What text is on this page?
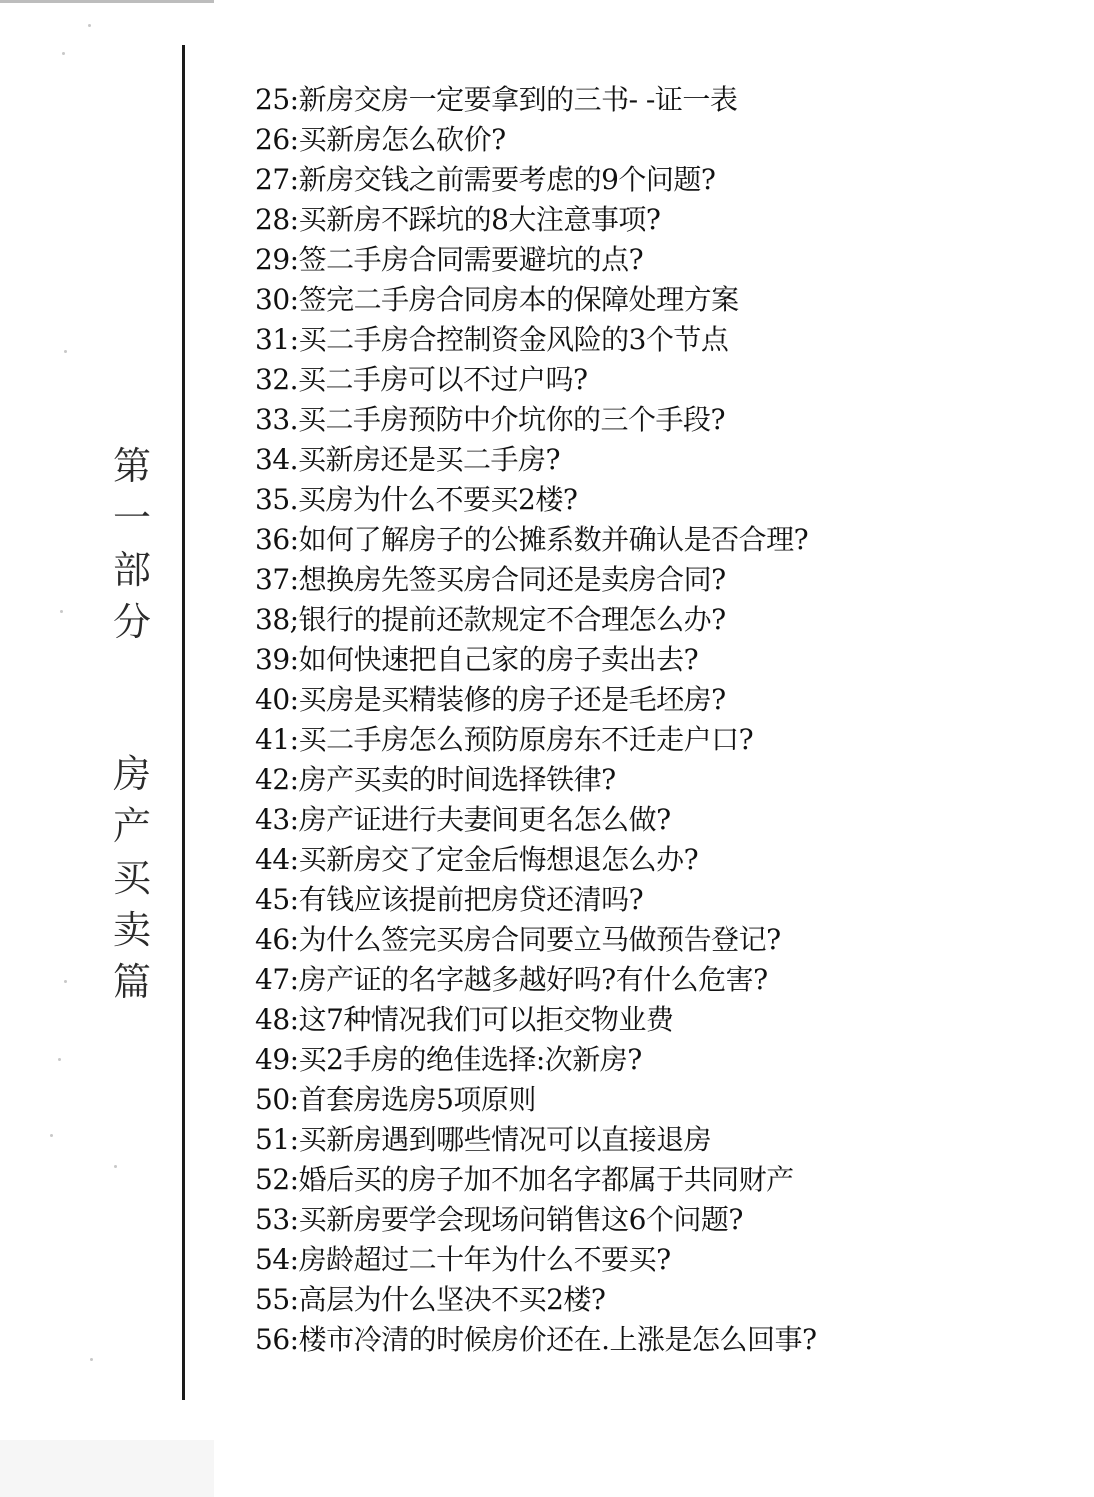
第
一
部
分
房
产
买
卖
篇
25:新房交房一定要拿到的三书- -证一表
26:买新房怎么砍价?
27:新房交钱之前需要考虑的9个问题?
28:买新房不踩坑的8大注意事项?
29:签二手房合同需要避坑的点?
30:签完二手房合同房本的保障处理方案
31:买二手房合控制资金风险的3个节点
32.买二手房可以不过户吗?
33.买二手房预防中介坑你的三个手段?
34.买新房还是买二手房?
35.买房为什么不要买2楼?
36:如何了解房子的公摊系数并确认是否合理?
37:想换房先签买房合同还是卖房合同?
38;银行的提前还款规定不合理怎么办?
39:如何快速把自己家的房子卖出去?
40:买房是买精装修的房子还是毛坯房?
41:买二手房怎么预防原房东不迁走户口?
42:房产买卖的时间选择铁律?
43:房产证进行夫妻间更名怎么做?
44:买新房交了定金后悔想退怎么办?
45:有钱应该提前把房贷还清吗?
46:为什么签完买房合同要立马做预告登记?
47:房产证的名字越多越好吗?有什么危害?
48:这7种情况我们可以拒交物业费
49:买2手房的绝佳选择:次新房?
50:首套房选房5项原则
51:买新房遇到哪些情况可以直接退房
52:婚后买的房子加不加名字都属于共同财产
53:买新房要学会现场问销售这6个问题?
54:房龄超过二十年为什么不要买?
55:高层为什么坚决不买2楼?
56:楼市冷清的时候房价还在.上涨是怎么回事?
